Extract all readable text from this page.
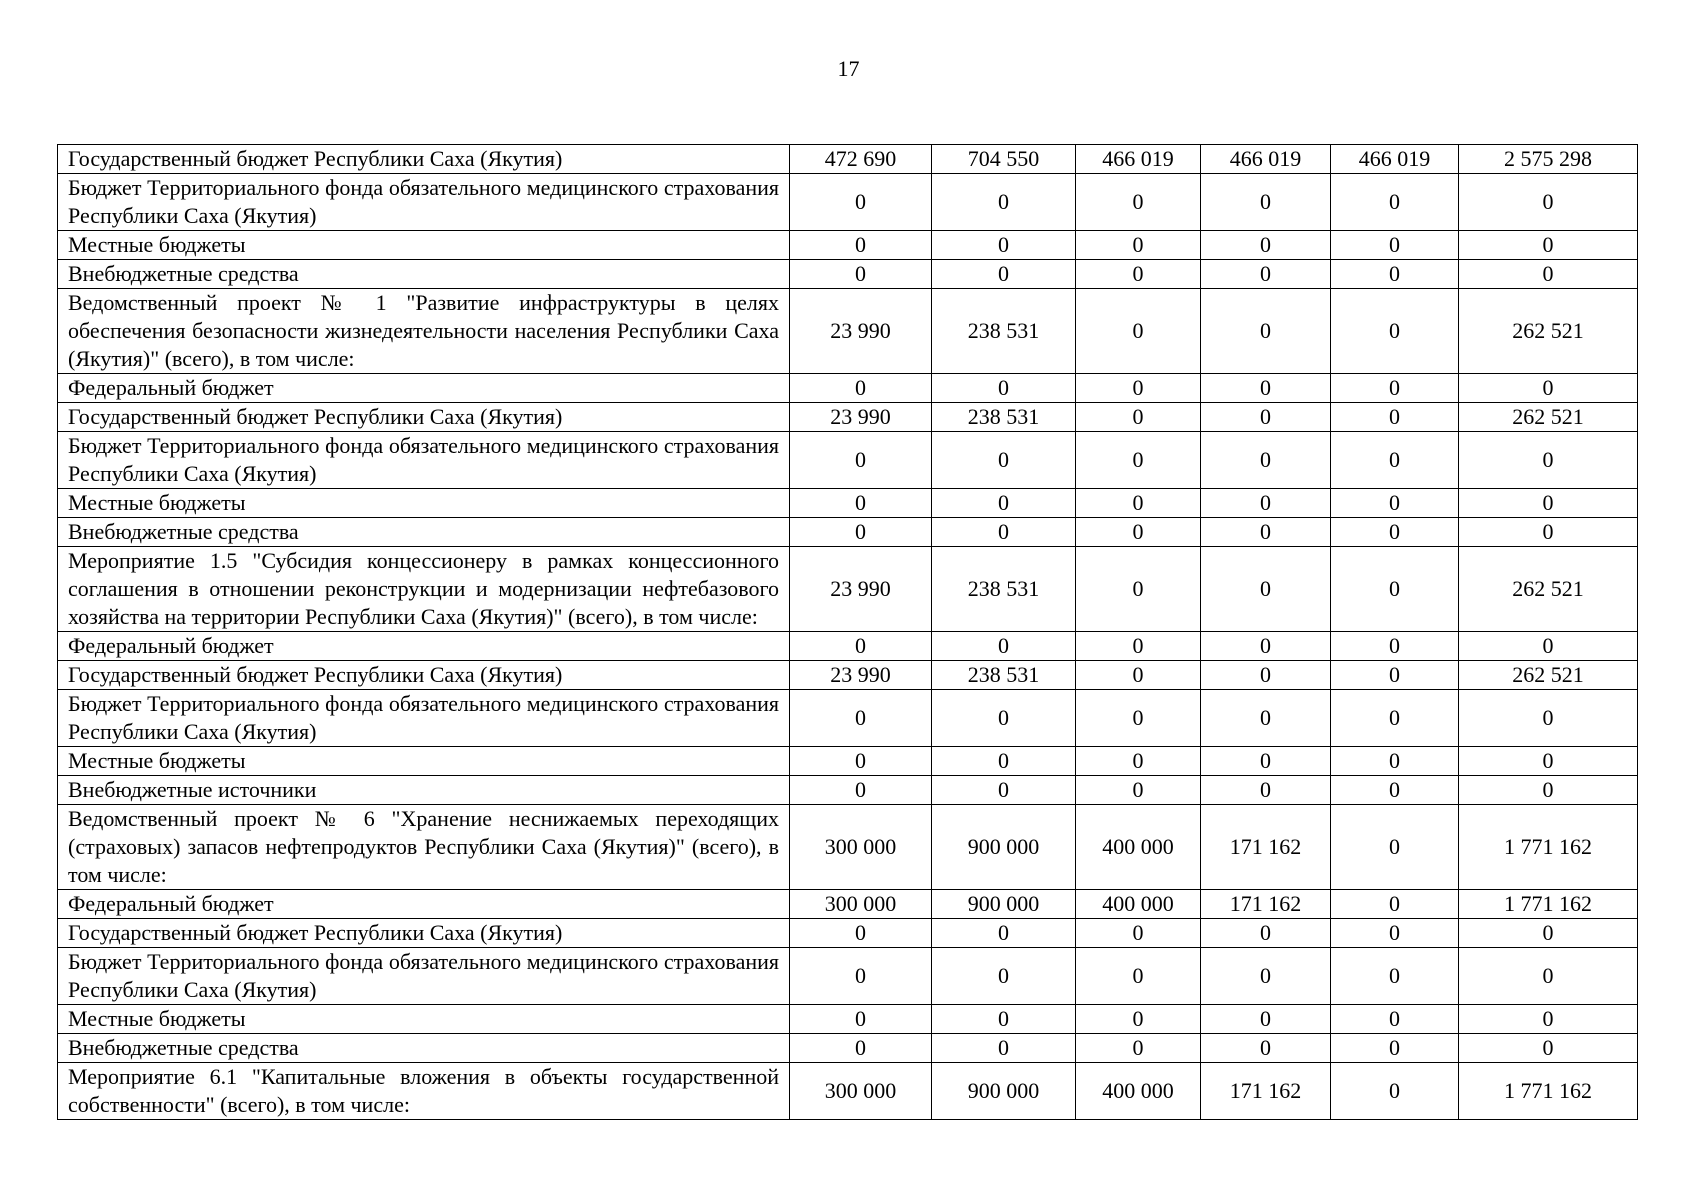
17
Государственный бюджет Республики Саха (Якутия)	472 690	704 550	466 019	466 019	466 019	2 575 298
Бюджет Территориального фонда обязательного медицинского страхования Республики Саха (Якутия)	0	0	0	0	0	0
Местные бюджеты	0	0	0	0	0	0
Внебюджетные средства	0	0	0	0	0	0
Ведомственный проект № 1 "Развитие инфраструктуры в целях обеспечения безопасности жизнедеятельности населения Республики Саха (Якутия)" (всего), в том числе:	23 990	238 531	0	0	0	262 521
Федеральный бюджет	0	0	0	0	0	0
Государственный бюджет Республики Саха (Якутия)	23 990	238 531	0	0	0	262 521
Бюджет Территориального фонда обязательного медицинского страхования Республики Саха (Якутия)	0	0	0	0	0	0
Местные бюджеты	0	0	0	0	0	0
Внебюджетные средства	0	0	0	0	0	0
Мероприятие 1.5 "Субсидия концессионеру в рамках концессионного соглашения в отношении реконструкции и модернизации нефтебазового хозяйства на территории Республики Саха (Якутия)" (всего), в том числе:	23 990	238 531	0	0	0	262 521
Федеральный бюджет	0	0	0	0	0	0
Государственный бюджет Республики Саха (Якутия)	23 990	238 531	0	0	0	262 521
Бюджет Территориального фонда обязательного медицинского страхования Республики Саха (Якутия)	0	0	0	0	0	0
Местные бюджеты	0	0	0	0	0	0
Внебюджетные источники	0	0	0	0	0	0
Ведомственный проект № 6 "Хранение неснижаемых переходящих (страховых) запасов нефтепродуктов Республики Саха (Якутия)" (всего), в том числе:	300 000	900 000	400 000	171 162	0	1 771 162
Федеральный бюджет	300 000	900 000	400 000	171 162	0	1 771 162
Государственный бюджет Республики Саха (Якутия)	0	0	0	0	0	0
Бюджет Территориального фонда обязательного медицинского страхования Республики Саха (Якутия)	0	0	0	0	0	0
Местные бюджеты	0	0	0	0	0	0
Внебюджетные средства	0	0	0	0	0	0
Мероприятие 6.1 "Капитальные вложения в объекты государственной собственности" (всего), в том числе:	300 000	900 000	400 000	171 162	0	1 771 162
